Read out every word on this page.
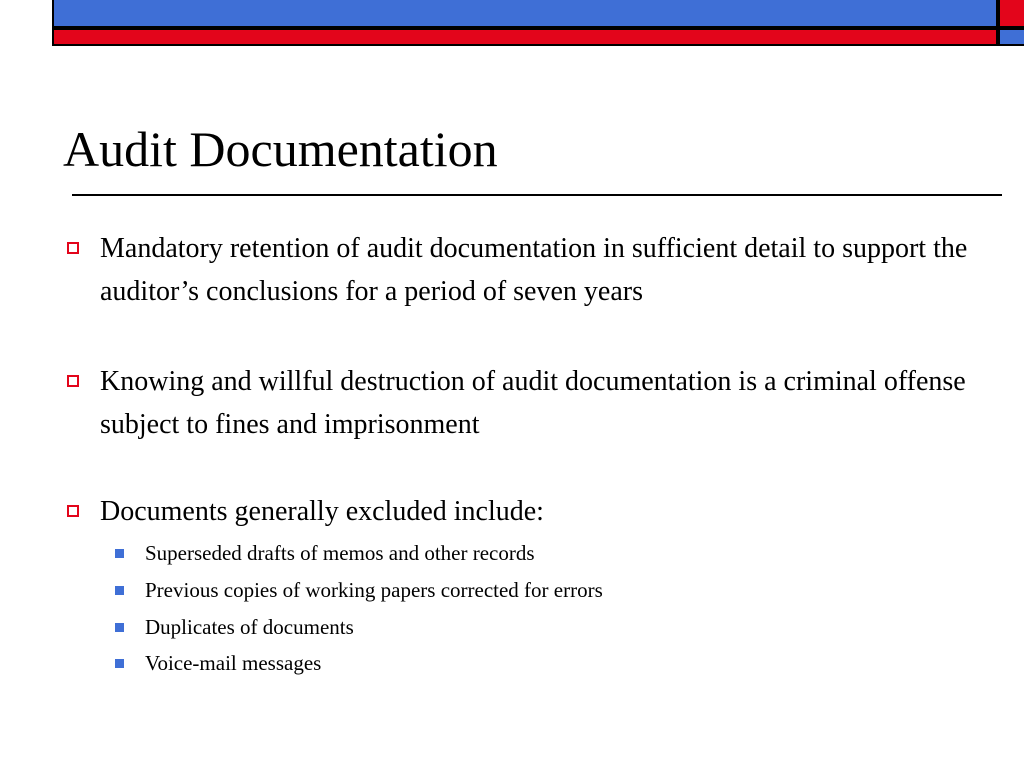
Audit Documentation
Mandatory retention of audit documentation in sufficient detail to support the auditor’s conclusions for a period of seven years
Knowing and willful destruction of audit documentation is a criminal offense subject to fines and imprisonment
Documents generally excluded include:
Superseded drafts of memos and other records
Previous copies of working papers corrected for errors
Duplicates of documents
Voice-mail messages
